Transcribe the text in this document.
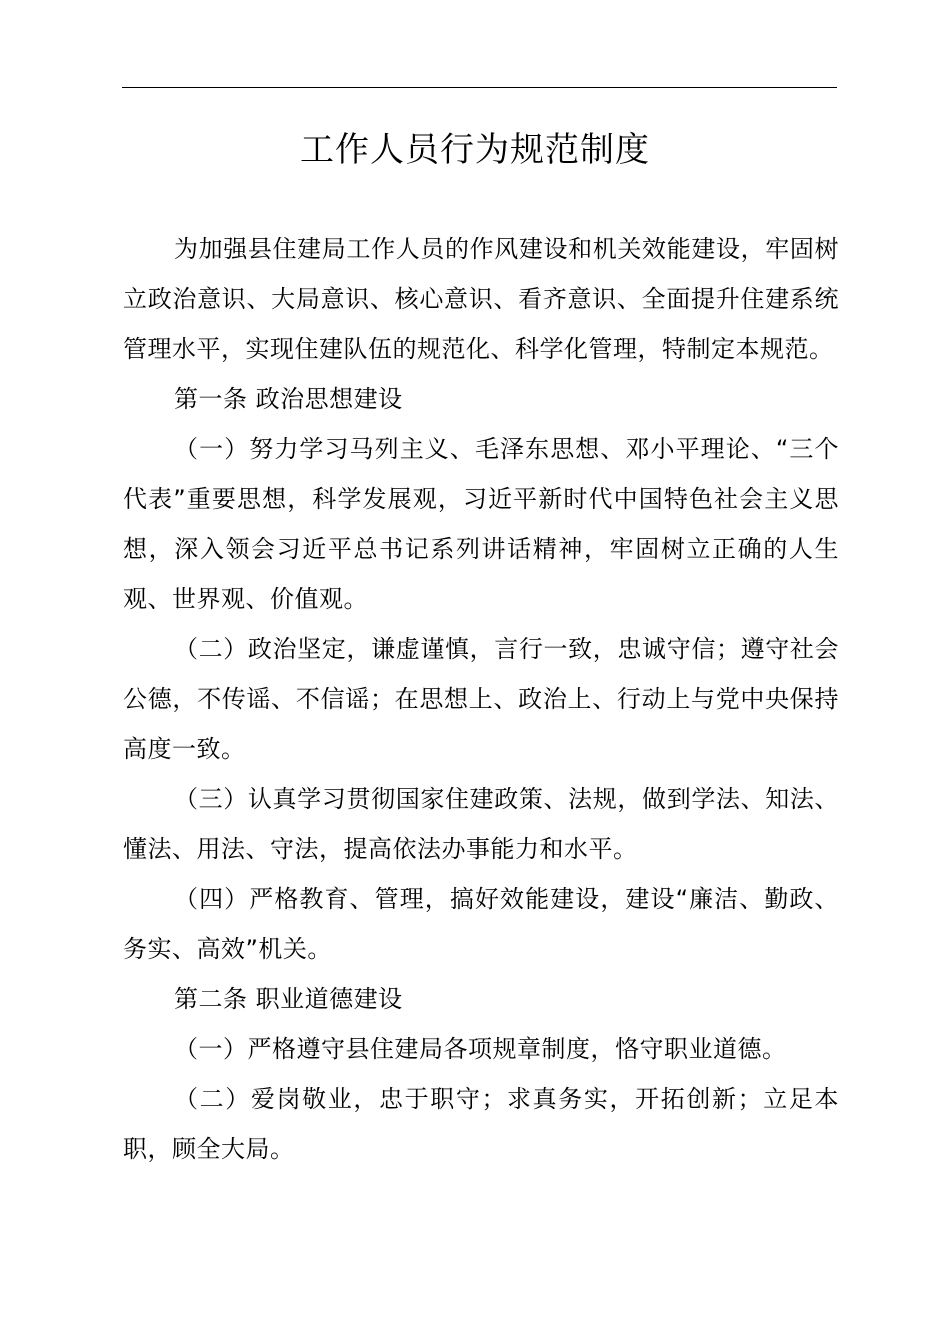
工作人员行为规范制度

为加强县住建局工作人员的作风建设和机关效能建设，牢固树立政治意识、大局意识、核心意识、看齐意识、全面提升住建系统管理水平，实现住建队伍的规范化、科学化管理，特制定本规范。

第一条 政治思想建设

（一）努力学习马列主义、毛泽东思想、邓小平理论、“三个代表”重要思想，科学发展观，习近平新时代中国特色社会主义思想，深入领会习近平总书记系列讲话精神，牢固树立正确的人生观、世界观、价值观。

（二）政治坚定，谦虚谨慎，言行一致，忠诚守信；遵守社会公德，不传谣、不信谣；在思想上、政治上、行动上与党中央保持高度一致。

（三）认真学习贯彻国家住建政策、法规，做到学法、知法、懂法、用法、守法，提高依法办事能力和水平。

（四）严格教育、管理，搞好效能建设，建设“廉洁、勤政、务实、高效”机关。

第二条 职业道德建设

（一）严格遵守县住建局各项规章制度，恪守职业道德。

（二）爱岗敬业，忠于职守；求真务实，开拓创新；立足本职，顾全大局。
